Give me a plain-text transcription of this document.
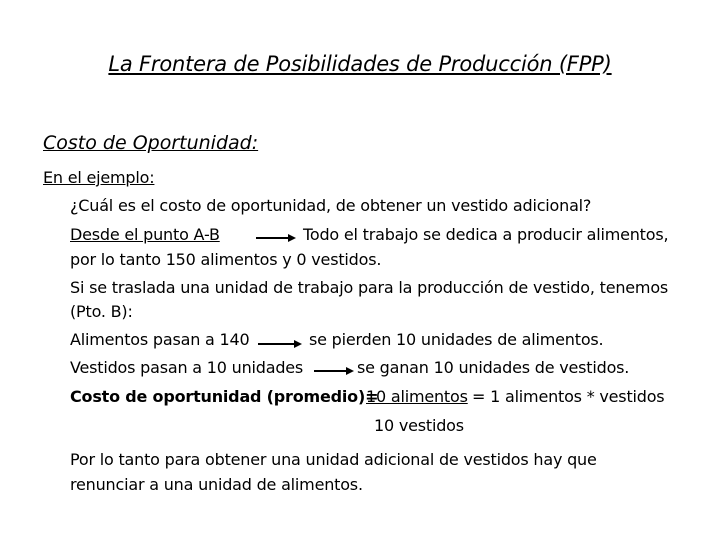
La Frontera de Posibilidades de Producción (FPP)
Costo de Oportunidad:
En el ejemplo:
¿Cuál es el costo de oportunidad, de obtener un vestido adicional?
Desde el punto A-B	Todo el trabajo se dedica a producir alimentos,
por lo tanto 150 alimentos y 0 vestidos.
Si se traslada una unidad de trabajo para la producción de vestido, tenemos
(Pto. B):
Alimentos pasan a 140	se pierden 10 unidades de alimentos.
Vestidos pasan a 10 unidades	se ganan 10 unidades de vestidos.
Costo de oportunidad (promedio)=
10 alimentos = 1 alimentos * vestidos
10 vestidos
Por lo tanto para obtener una unidad adicional de vestidos hay que
renunciar a una unidad de alimentos.
